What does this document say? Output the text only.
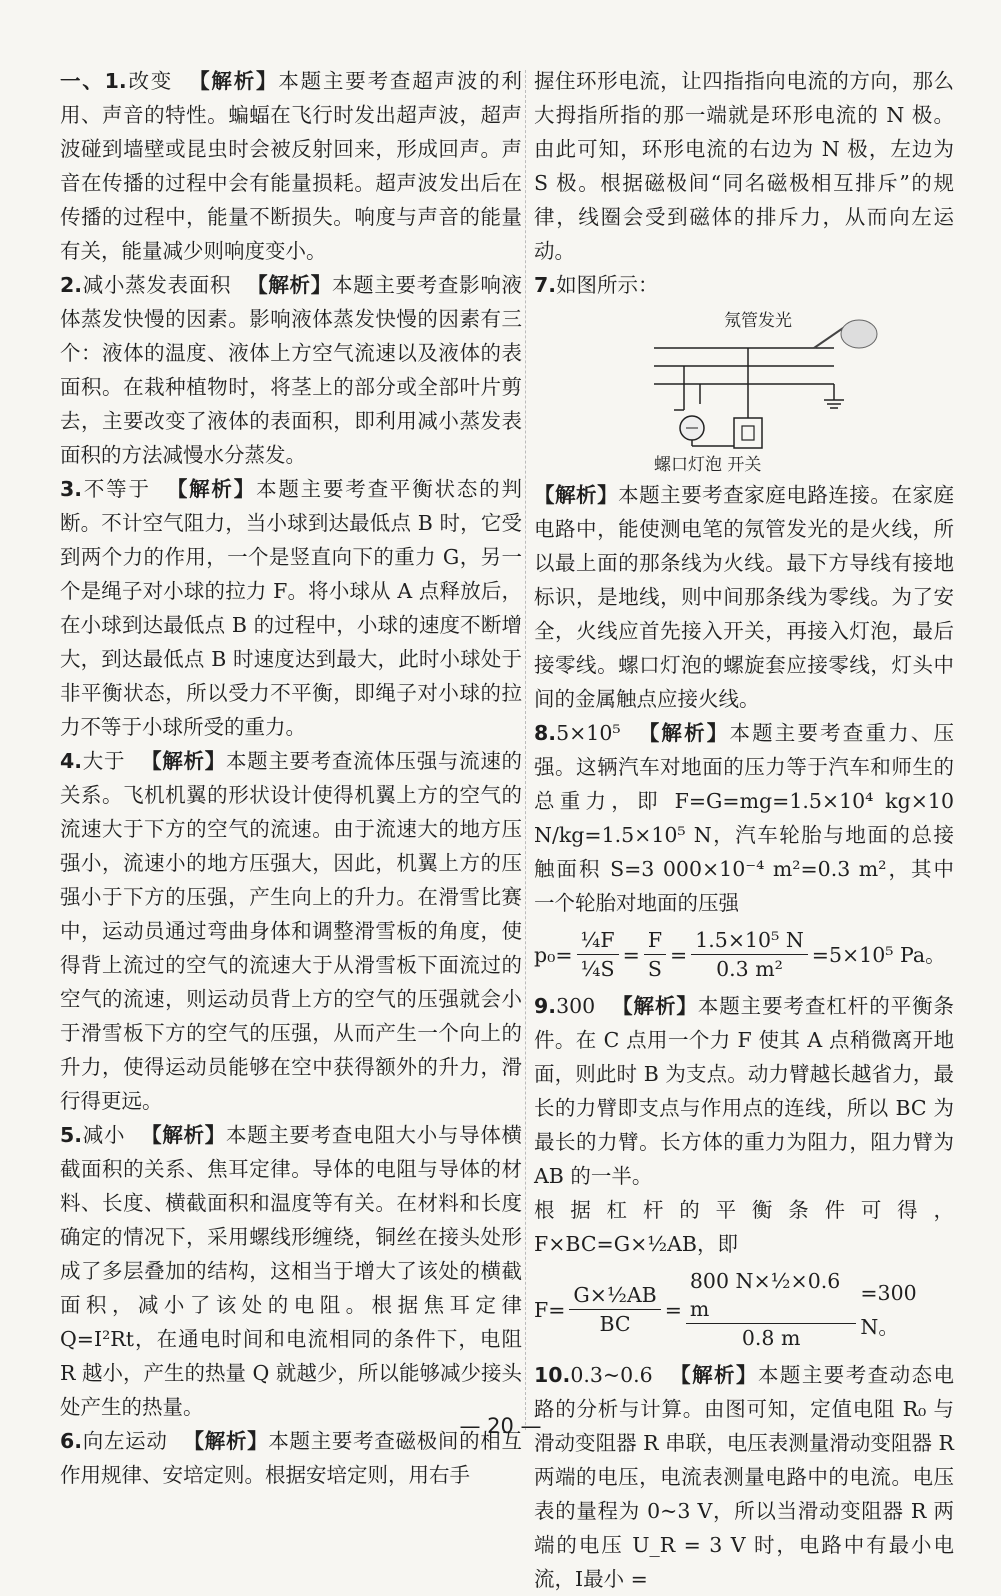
一、1.改变 【解析】本题主要考查超声波的利用、声音的特性。蝙蝠在飞行时发出超声波，超声波碰到墙壁或昆虫时会被反射回来，形成回声。声音在传播的过程中会有能量损耗。超声波发出后在传播的过程中，能量不断损失。响度与声音的能量有关，能量减少则响度变小。

2.减小蒸发表面积 【解析】本题主要考查影响液体蒸发快慢的因素。影响液体蒸发快慢的因素有三个：液体的温度、液体上方空气流速以及液体的表面积。在栽种植物时，将茎上的部分或全部叶片剪去，主要改变了液体的表面积，即利用减小蒸发表面积的方法减慢水分蒸发。

3.不等于 【解析】本题主要考查平衡状态的判断。不计空气阻力，当小球到达最低点 B 时，它受到两个力的作用，一个是竖直向下的重力 G，另一个是绳子对小球的拉力 F。将小球从 A 点释放后，在小球到达最低点 B 的过程中，小球的速度不断增大，到达最低点 B 时速度达到最大，此时小球处于非平衡状态，所以受力不平衡，即绳子对小球的拉力不等于小球所受的重力。

4.大于 【解析】本题主要考查流体压强与流速的关系。飞机机翼的形状设计使得机翼上方的空气的流速大于下方的空气的流速。由于流速大的地方压强小，流速小的地方压强大，因此，机翼上方的压强小于下方的压强，产生向上的升力。在滑雪比赛中，运动员通过弯曲身体和调整滑雪板的角度，使得背上流过的空气的流速大于从滑雪板下面流过的空气的流速，则运动员背上方的空气的压强就会小于滑雪板下方的空气的压强，从而产生一个向上的升力，使得运动员能够在空中获得额外的升力，滑行得更远。

5.减小 【解析】本题主要考查电阻大小与导体横截面积的关系、焦耳定律。导体的电阻与导体的材料、长度、横截面积和温度等有关。在材料和长度确定的情况下，采用螺线形缠绕，铜丝在接头处形成了多层叠加的结构，这相当于增大了该处的横截面积，减小了该处的电阻。根据焦耳定律 Q=I²Rt，在通电时间和电流相同的条件下，电阻 R 越小，产生的热量 Q 就越少，所以能够减少接头处产生的热量。

6.向左运动 【解析】本题主要考查磁极间的相互作用规律、安培定则。根据安培定则，用右手

握住环形电流，让四指指向电流的方向，那么大拇指所指的那一端就是环形电流的 N 极。由此可知，环形电流的右边为 N 极，左边为 S 极。根据磁极间“同名磁极相互排斥”的规律，线圈会受到磁体的排斥力，从而向左运动。

7.如图所示：

氖管发光
螺口灯泡 开关

【解析】本题主要考查家庭电路连接。在家庭电路中，能使测电笔的氖管发光的是火线，所以最上面的那条线为火线。最下方导线有接地标识，是地线，则中间那条线为零线。为了安全，火线应首先接入开关，再接入灯泡，最后接零线。螺口灯泡的螺旋套应接零线，灯头中间的金属触点应接火线。

8.5×10⁵ 【解析】本题主要考查重力、压强。这辆汽车对地面的压力等于汽车和师生的总重力，即 F=G=mg=1.5×10⁴ kg×10 N/kg=1.5×10⁵ N，汽车轮胎与地面的总接触面积 S=3 000×10⁻⁴ m²=0.3 m²，其中一个轮胎对地面的压强

$p_0= \frac{\text{¼F}}{\text{¼S}} = \frac{F}{S} = \frac{\text{1.5×10⁵ N}}{\text{0.3 m²}} =5\times 10^5$ Pa。

9.300 【解析】本题主要考查杠杆的平衡条件。在 C 点用一个力 F 使其 A 点稍微离开地面，则此时 B 为支点。动力臂越长越省力，最长的力臂即支点与作用点的连线，所以 BC 为最长的力臂。长方体的重力为阻力，阻力臂为 AB 的一半。

根据杠杆的平衡条件可得，F×BC=G×½AB，即

$F= \frac{\text{G×½AB}}{BC} = \frac{\text{800 N×½×0.6 m}}{0.8 m} =300$ N。

10.0.3~0.6 【解析】本题主要考查动态电路的分析与计算。由图可知，定值电阻 R₀ 与滑动变阻器 R 串联，电压表测量滑动变阻器 R 两端的电压，电流表测量电路中的电流。电压表的量程为 0~3 V，所以当滑动变阻器 R 两端的电压 U_R = 3 V 时，电路中有最小电流，I最小 =

— 20 —
